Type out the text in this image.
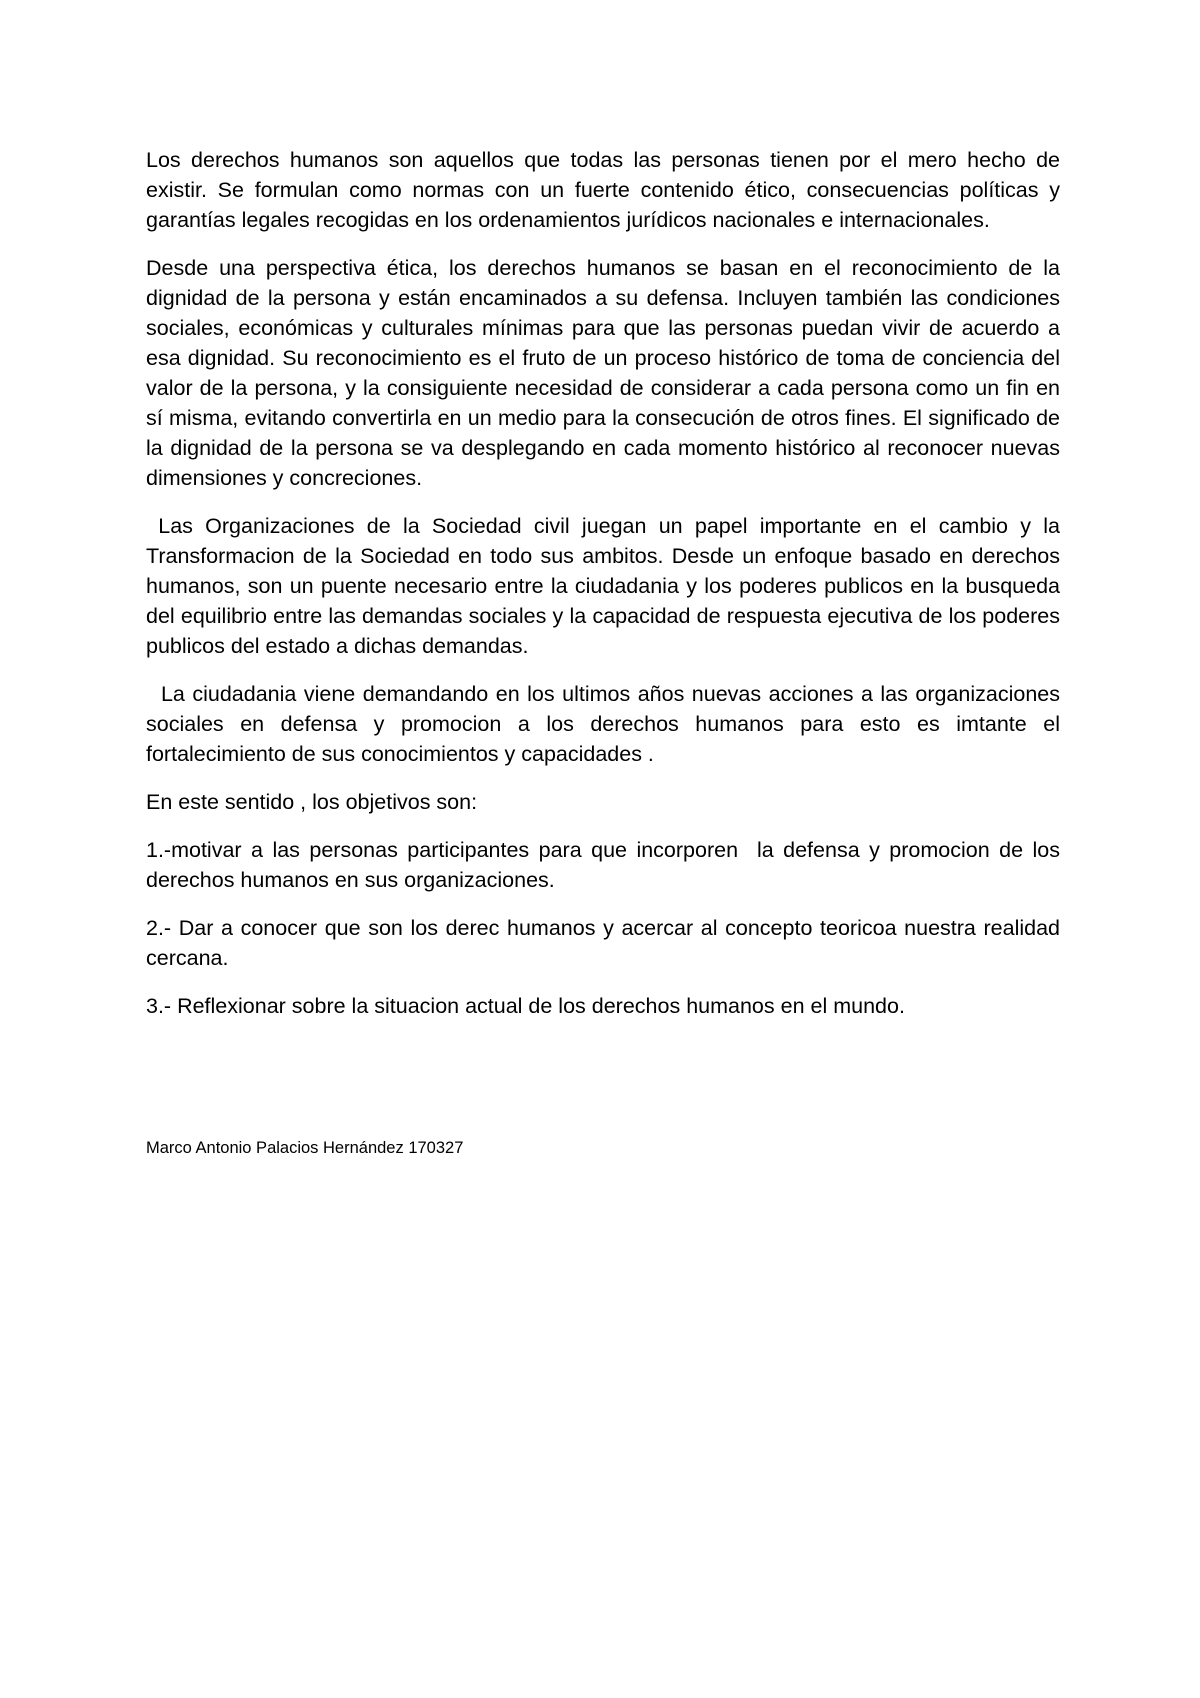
Los derechos humanos son aquellos que todas las personas tienen por el mero hecho de existir. Se formulan como normas con un fuerte contenido ético, consecuencias políticas y garantías legales recogidas en los ordenamientos jurídicos nacionales e internacionales.

Desde una perspectiva ética, los derechos humanos se basan en el reconocimiento de la dignidad de la persona y están encaminados a su defensa. Incluyen también las condiciones sociales, económicas y culturales mínimas para que las personas puedan vivir de acuerdo a esa dignidad. Su reconocimiento es el fruto de un proceso histórico de toma de conciencia del valor de la persona, y la consiguiente necesidad de considerar a cada persona como un fin en sí misma, evitando convertirla en un medio para la consecución de otros fines. El significado de la dignidad de la persona se va desplegando en cada momento histórico al reconocer nuevas dimensiones y concreciones.

Las Organizaciones de la Sociedad civil juegan un papel importante en el cambio y la Transformacion de la Sociedad en todo sus ambitos. Desde un enfoque basado en derechos humanos, son un puente necesario entre la ciudadania y los poderes publicos en la busqueda del equilibrio entre las demandas sociales y la capacidad de respuesta ejecutiva de los poderes publicos del estado a dichas demandas.

La ciudadania viene demandando en los ultimos años nuevas acciones a las organizaciones sociales en defensa y promocion a los derechos humanos para esto es imtante el fortalecimiento de sus conocimientos y capacidades .

En este sentido , los objetivos son:

1.-motivar a las personas participantes para que incorporen  la defensa y promocion de los derechos humanos en sus organizaciones.

2.- Dar a conocer que son los derec humanos y acercar al concepto teoricoa nuestra realidad cercana.

3.- Reflexionar sobre la situacion actual de los derechos humanos en el mundo.

Marco Antonio Palacios Hernández 170327
